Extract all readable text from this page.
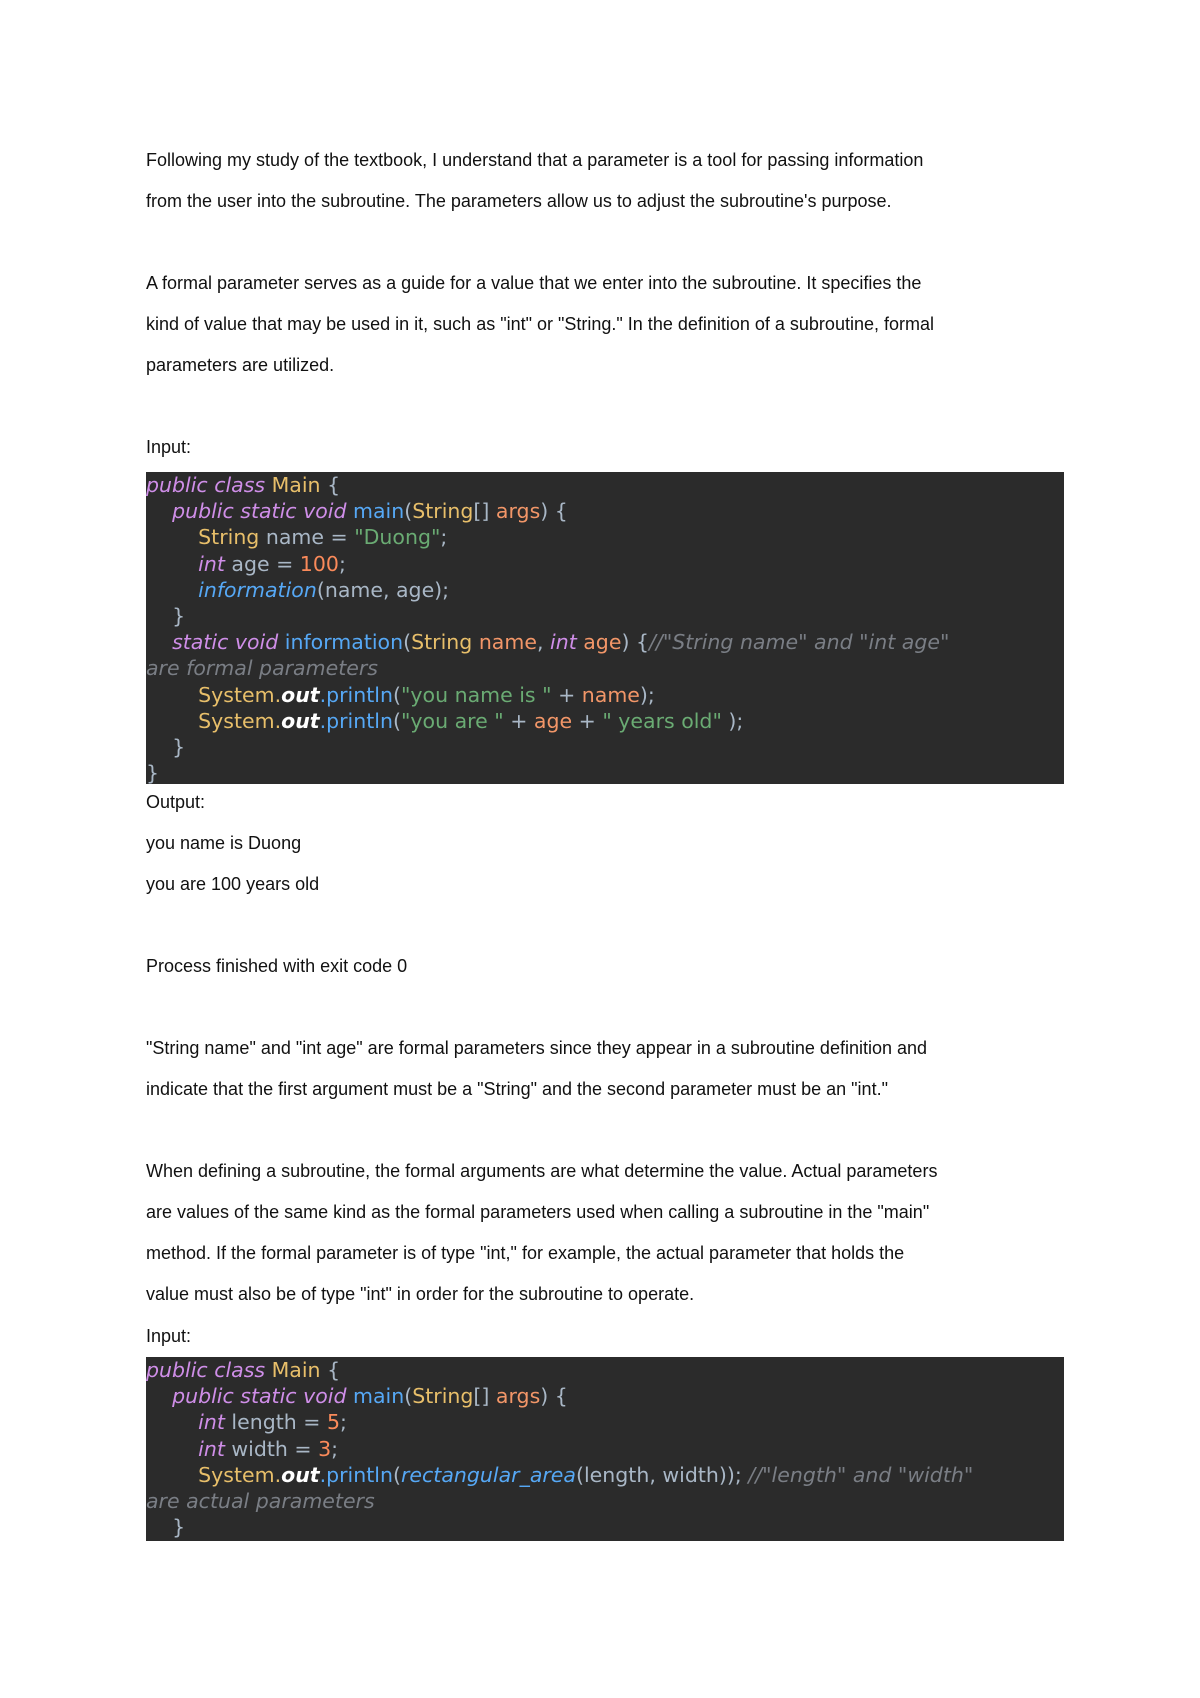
Following my study of the textbook, I understand that a parameter is a tool for passing information

from the user into the subroutine. The parameters allow us to adjust the subroutine's purpose.

A formal parameter serves as a guide for a value that we enter into the subroutine. It specifies the

kind of value that may be used in it, such as "int" or "String." In the definition of a subroutine, formal

parameters are utilized.

Input:

public class Main {
public static void main(String[] args) {
String name = "Duong";
int age = 100;
information(name, age);
}
static void information(String name, int age) {//"String name" and "int age"
are formal parameters
System.out.println("you name is " + name);
System.out.println("you are " + age + " years old" );
}
}

Output:

you name is Duong

you are 100 years old

Process finished with exit code 0

"String name" and "int age" are formal parameters since they appear in a subroutine definition and

indicate that the first argument must be a "String" and the second parameter must be an "int."

When defining a subroutine, the formal arguments are what determine the value. Actual parameters

are values of the same kind as the formal parameters used when calling a subroutine in the "main"

method. If the formal parameter is of type "int," for example, the actual parameter that holds the

value must also be of type "int" in order for the subroutine to operate.

Input:

public class Main {
public static void main(String[] args) {
int length = 5;
int width = 3;
System.out.println(rectangular_area(length, width)); //"length" and "width"
are actual parameters
}
